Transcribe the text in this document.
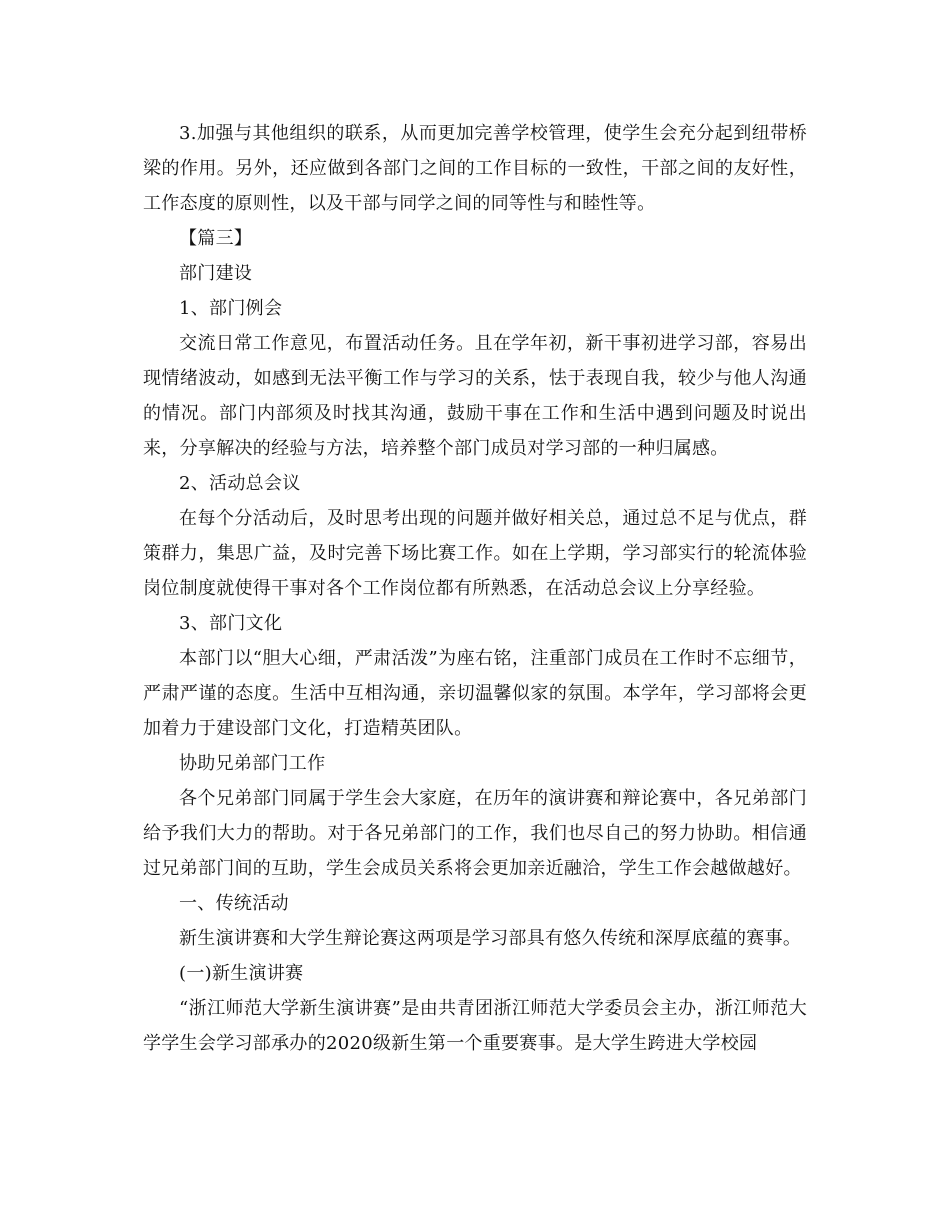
3.加强与其他组织的联系，从而更加完善学校管理，使学生会充分起到纽带桥梁的作用。另外，还应做到各部门之间的工作目标的一致性，干部之间的友好性，工作态度的原则性，以及干部与同学之间的同等性与和睦性等。

【篇三】

部门建设

1、部门例会

交流日常工作意见，布置活动任务。且在学年初，新干事初进学习部，容易出现情绪波动，如感到无法平衡工作与学习的关系，怯于表现自我，较少与他人沟通的情况。部门内部须及时找其沟通，鼓励干事在工作和生活中遇到问题及时说出来，分享解决的经验与方法，培养整个部门成员对学习部的一种归属感。

2、活动总会议

在每个分活动后，及时思考出现的问题并做好相关总，通过总不足与优点，群策群力，集思广益，及时完善下场比赛工作。如在上学期，学习部实行的轮流体验岗位制度就使得干事对各个工作岗位都有所熟悉，在活动总会议上分享经验。

3、部门文化

本部门以“胆大心细，严肃活泼”为座右铭，注重部门成员在工作时不忘细节，严肃严谨的态度。生活中互相沟通，亲切温馨似家的氛围。本学年，学习部将会更加着力于建设部门文化，打造精英团队。

协助兄弟部门工作

各个兄弟部门同属于学生会大家庭，在历年的演讲赛和辩论赛中，各兄弟部门给予我们大力的帮助。对于各兄弟部门的工作，我们也尽自己的努力协助。相信通过兄弟部门间的互助，学生会成员关系将会更加亲近融洽，学生工作会越做越好。

一、传统活动

新生演讲赛和大学生辩论赛这两项是学习部具有悠久传统和深厚底蕴的赛事。

(一)新生演讲赛

“浙江师范大学新生演讲赛”是由共青团浙江师范大学委员会主办，浙江师范大学学生会学习部承办的2020级新生第一个重要赛事。是大学生跨进大学校园
